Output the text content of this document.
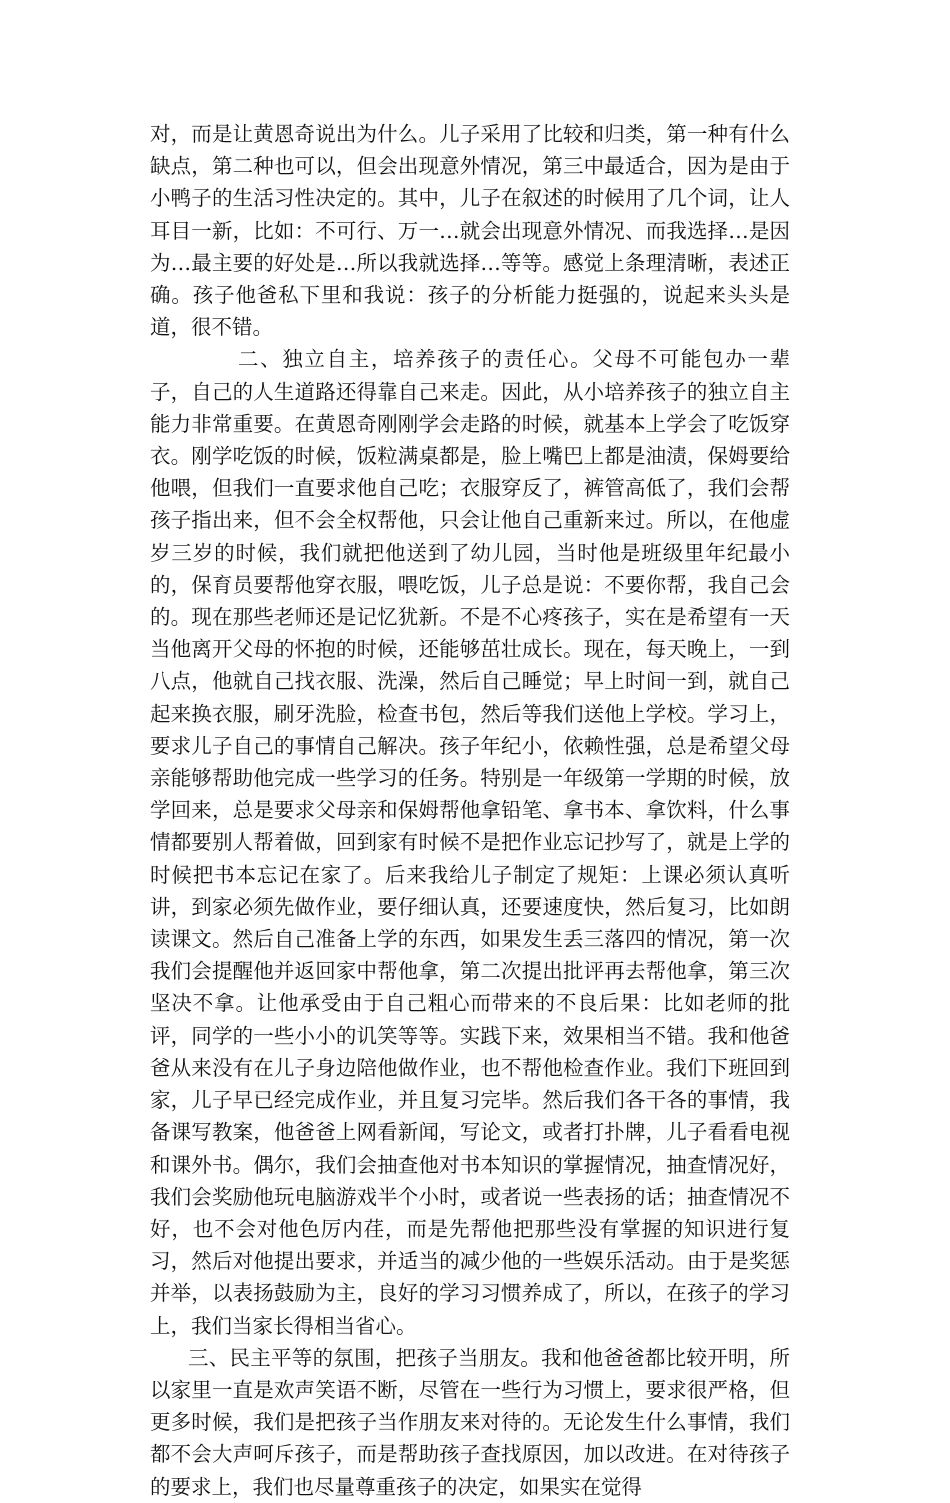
对，而是让黄恩奇说出为什么。儿子采用了比较和归类，第一种有什么缺点，第二种也可以，但会出现意外情况，第三中最适合，因为是由于小鸭子的生活习性决定的。其中，儿子在叙述的时候用了几个词，让人耳目一新，比如：不可行、万一…就会出现意外情况、而我选择…是因为…最主要的好处是…所以我就选择…等等。感觉上条理清晰，表述正确。孩子他爸私下里和我说：孩子的分析能力挺强的，说起来头头是道，很不错。

二、独立自主，培养孩子的责任心。父母不可能包办一辈子，自己的人生道路还得靠自己来走。因此，从小培养孩子的独立自主能力非常重要。在黄恩奇刚刚学会走路的时候，就基本上学会了吃饭穿衣。刚学吃饭的时候，饭粒满桌都是，脸上嘴巴上都是油渍，保姆要给他喂，但我们一直要求他自己吃；衣服穿反了，裤管高低了，我们会帮孩子指出来，但不会全权帮他，只会让他自己重新来过。所以，在他虚岁三岁的时候，我们就把他送到了幼儿园，当时他是班级里年纪最小的，保育员要帮他穿衣服，喂吃饭，儿子总是说：不要你帮，我自己会的。现在那些老师还是记忆犹新。不是不心疼孩子，实在是希望有一天当他离开父母的怀抱的时候，还能够茁壮成长。现在，每天晚上，一到八点，他就自己找衣服、洗澡，然后自己睡觉；早上时间一到，就自己起来换衣服，刷牙洗脸，检查书包，然后等我们送他上学校。学习上，要求儿子自己的事情自己解决。孩子年纪小，依赖性强，总是希望父母亲能够帮助他完成一些学习的任务。特别是一年级第一学期的时候，放学回来，总是要求父母亲和保姆帮他拿铅笔、拿书本、拿饮料，什么事情都要别人帮着做，回到家有时候不是把作业忘记抄写了，就是上学的时候把书本忘记在家了。后来我给儿子制定了规矩：上课必须认真听讲，到家必须先做作业，要仔细认真，还要速度快，然后复习，比如朗读课文。然后自己准备上学的东西，如果发生丢三落四的情况，第一次我们会提醒他并返回家中帮他拿，第二次提出批评再去帮他拿，第三次坚决不拿。让他承受由于自己粗心而带来的不良后果：比如老师的批评，同学的一些小小的讥笑等等。实践下来，效果相当不错。我和他爸爸从来没有在儿子身边陪他做作业，也不帮他检查作业。我们下班回到家，儿子早已经完成作业，并且复习完毕。然后我们各干各的事情，我备课写教案，他爸爸上网看新闻，写论文，或者打扑牌，儿子看看电视和课外书。偶尔，我们会抽查他对书本知识的掌握情况，抽查情况好，我们会奖励他玩电脑游戏半个小时，或者说一些表扬的话；抽查情况不好，也不会对他色厉内荏，而是先帮他把那些没有掌握的知识进行复习，然后对他提出要求，并适当的减少他的一些娱乐活动。由于是奖惩并举，以表扬鼓励为主，良好的学习习惯养成了，所以，在孩子的学习上，我们当家长得相当省心。

三、民主平等的氛围，把孩子当朋友。我和他爸爸都比较开明，所以家里一直是欢声笑语不断，尽管在一些行为习惯上，要求很严格，但更多时候，我们是把孩子当作朋友来对待的。无论发生什么事情，我们都不会大声呵斥孩子，而是帮助孩子查找原因，加以改进。在对待孩子的要求上，我们也尽量尊重孩子的决定，如果实在觉得
